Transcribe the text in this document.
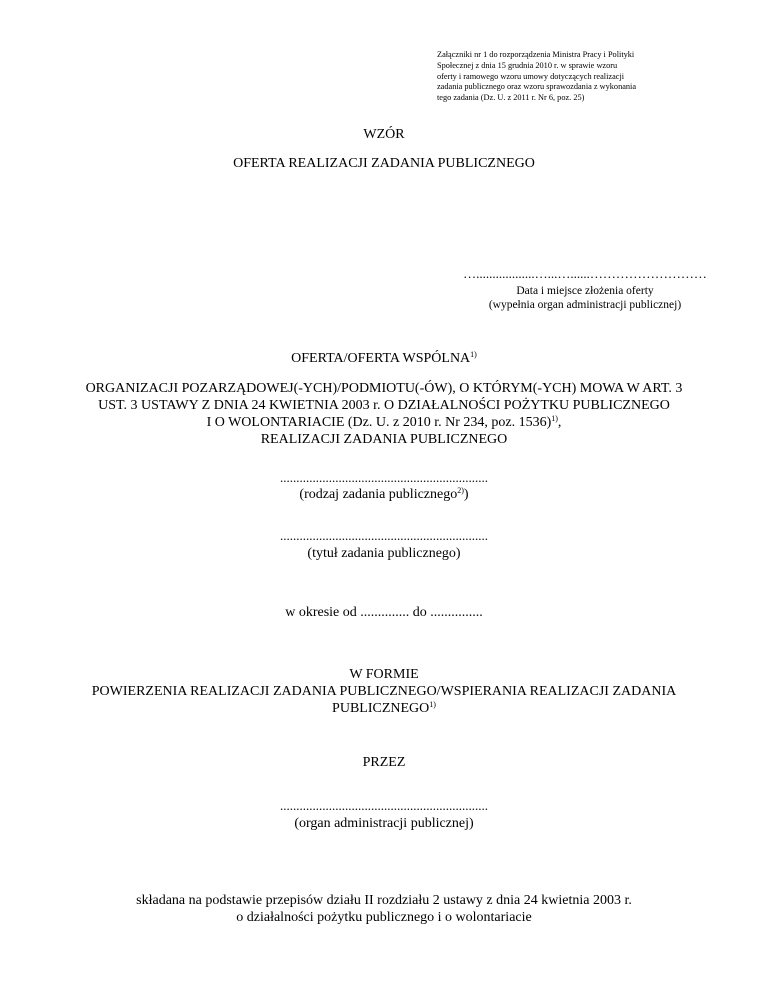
Załączniki nr 1 do rozporządzenia Ministra Pracy i Polityki
Społecznej z dnia 15 grudnia 2010 r. w sprawie wzoru
oferty i ramowego wzoru umowy dotyczących realizacji
zadania publicznego oraz wzoru sprawozdania z wykonania
tego zadania (Dz. U. z 2011 r. Nr 6, poz. 25)
WZÓR
OFERTA REALIZACJI ZADANIA PUBLICZNEGO
…..................…...…......………………………
Data i miejsce złożenia oferty
(wypełnia organ administracji publicznej)
OFERTA/OFERTA WSPÓLNA$^{1)}$
ORGANIZACJI POZARZĄDOWEJ(-YCH)/PODMIOTU(-ÓW), O KTÓRYM(-YCH) MOWA W ART. 3
UST. 3 USTAWY Z DNIA 24 KWIETNIA 2003 r. O DZIAŁALNOŚCI POŻYTKU PUBLICZNEGO
I O WOLONTARIACIE (Dz. U. z 2010 r. Nr 234, poz. 1536)$^{1)}$,
REALIZACJI ZADANIA PUBLICZNEGO
................................................................
(rodzaj zadania publicznego$^{2)}$)
................................................................
(tytuł zadania publicznego)
w okresie od .............. do ...............
W FORMIE
POWIERZENIA REALIZACJI ZADANIA PUBLICZNEGO/WSPIERANIA REALIZACJI ZADANIA
PUBLICZNEGO$^{1)}$
PRZEZ
................................................................
(organ administracji publicznej)
składana na podstawie przepisów działu II rozdziału 2 ustawy z dnia 24 kwietnia 2003 r.
o działalności pożytku publicznego i o wolontariacie
